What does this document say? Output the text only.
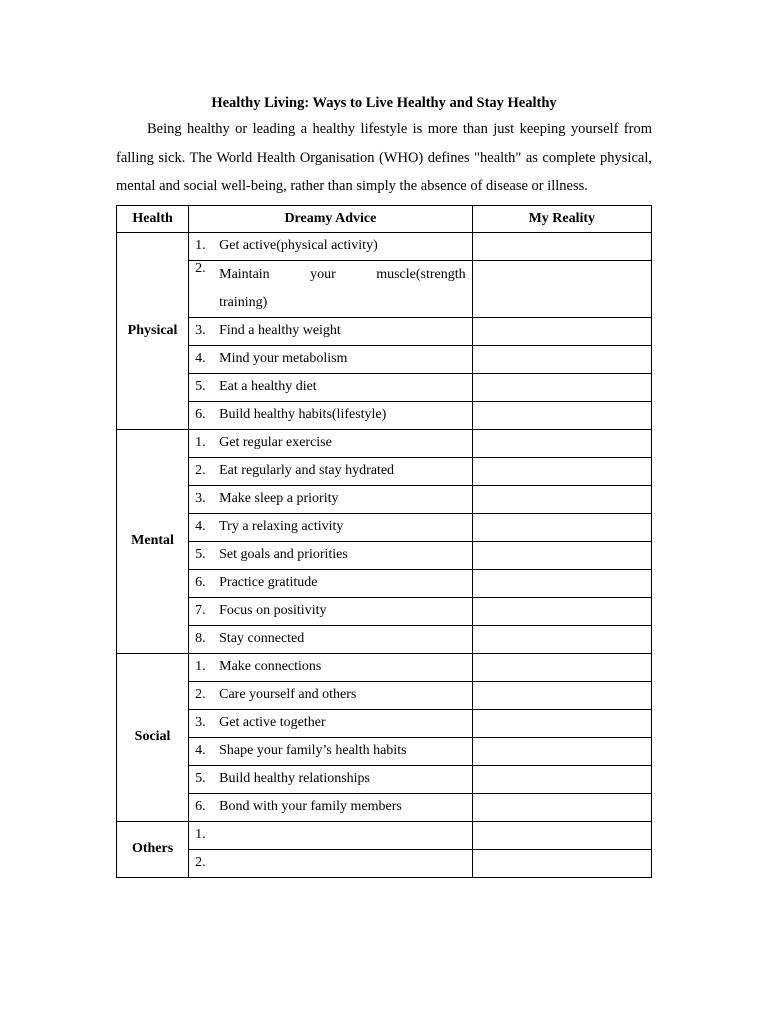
Healthy Living: Ways to Live Healthy and Stay Healthy

Being healthy or leading a healthy lifestyle is more than just keeping yourself from falling sick. The World Health Organisation (WHO) defines "health" as complete physical, mental and social well-being, rather than simply the absence of disease or illness.

Health	Dreamy Advice	My Reality
Physical	1. Get active(physical activity)	

	2. Maintain your muscle(strength
training)	

	3. Find a healthy weight	

	4. Mind your metabolism	

	5. Eat a healthy diet	

	6. Build healthy habits(lifestyle)	

Mental	1. Get regular exercise	

	2. Eat regularly and stay hydrated	

	3. Make sleep a priority	

	4. Try a relaxing activity	

	5. Set goals and priorities	

	6. Practice gratitude	

	7. Focus on positivity	

	8. Stay connected	

Social	1. Make connections	

	2. Care yourself and others	

	3. Get active together	

	4. Shape your family’s health habits	

	5. Build healthy relationships	

	6. Bond with your family members	

Others	1.	

	2.	
